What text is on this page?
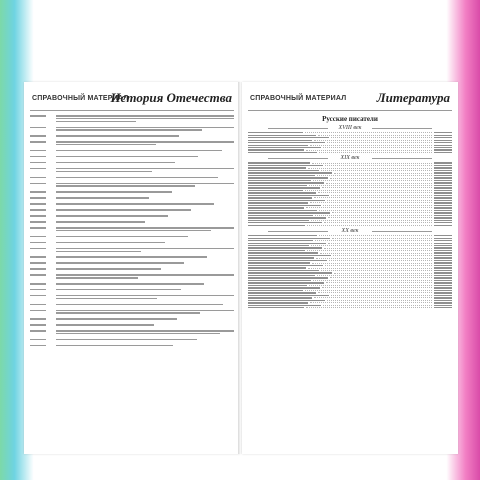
СПРАВОЧНЫЙ МАТЕРИАЛ
История Отечества	СПРАВОЧНЫЙ МАТЕРИАЛ Литература
Русские писатели
XVIII век
XIX век
XX век
